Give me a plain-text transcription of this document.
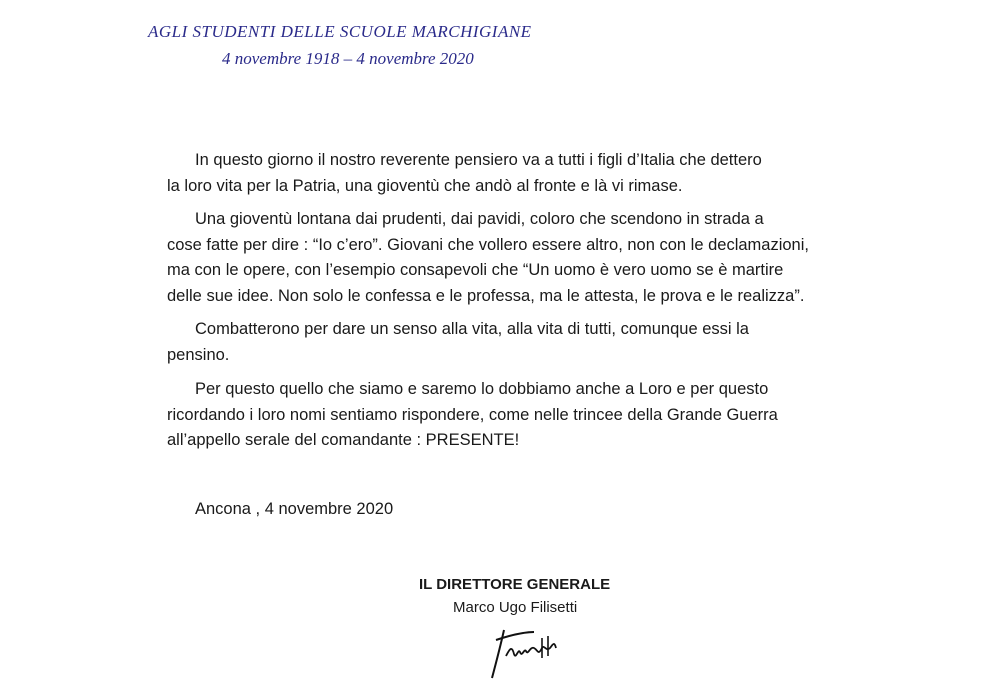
AGLI STUDENTI DELLE SCUOLE MARCHIGIANE
4 novembre 1918 – 4 novembre 2020
In questo giorno il nostro reverente pensiero va a tutti i figli d’Italia che dettero
la loro vita per la Patria, una gioventù che andò al fronte e là vi rimase.
Una gioventù lontana dai prudenti, dai pavidi, coloro che scendono in strada a
cose fatte per dire : “Io c’ero”. Giovani che vollero essere altro, non con le declamazioni,
ma con le opere, con l’esempio consapevoli che “Un uomo è vero uomo se è martire
delle sue idee. Non solo le confessa e le professa, ma le attesta, le prova e le realizza”.
Combatterono per dare un senso alla vita, alla vita di tutti, comunque essi la
pensino.
Per questo quello che siamo e saremo lo dobbiamo anche a Loro e per questo
ricordando i loro nomi sentiamo rispondere, come nelle trincee della Grande Guerra
all’appello serale del comandante : PRESENTE!
Ancona , 4 novembre 2020
IL DIRETTORE GENERALE
Marco Ugo Filisetti
